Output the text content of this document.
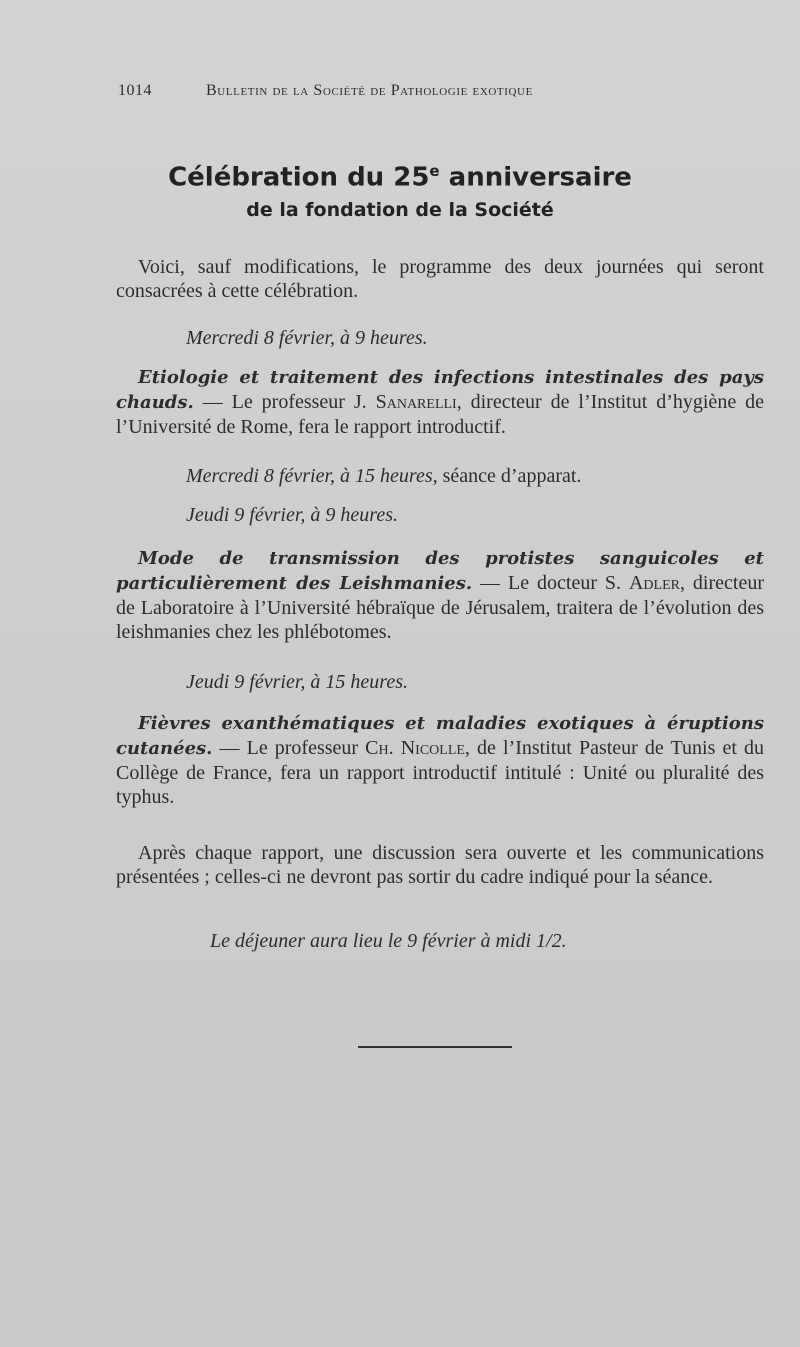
1014	Bulletin de la Société de Pathologie exotique
Célébration du 25e anniversaire
de la fondation de la Société
Voici, sauf modifications, le programme des deux journées qui seront consacrées à cette célébration.
Mercredi 8 février, à 9 heures.
Etiologie et traitement des infections intestinales des pays chauds. — Le professeur J. Sanarelli, directeur de l’Institut d’hygiène de l’Université de Rome, fera le rapport introductif.
Mercredi 8 février, à 15 heures, séance d’apparat.
Jeudi 9 février, à 9 heures.
Mode de transmission des protistes sanguicoles et particulièrement des Leishmanies. — Le docteur S. Adler, directeur de Laboratoire à l’Université hébraïque de Jérusalem, traitera de l’évolution des leishmanies chez les phlébotomes.
Jeudi 9 février, à 15 heures.
Fièvres exanthématiques et maladies exotiques à éruptions cutanées. — Le professeur Ch. Nicolle, de l’Institut Pasteur de Tunis et du Collège de France, fera un rapport introductif intitulé : Unité ou pluralité des typhus.
Après chaque rapport, une discussion sera ouverte et les communications présentées ; celles-ci ne devront pas sortir du cadre indiqué pour la séance.
Le déjeuner aura lieu le 9 février à midi 1/2.
